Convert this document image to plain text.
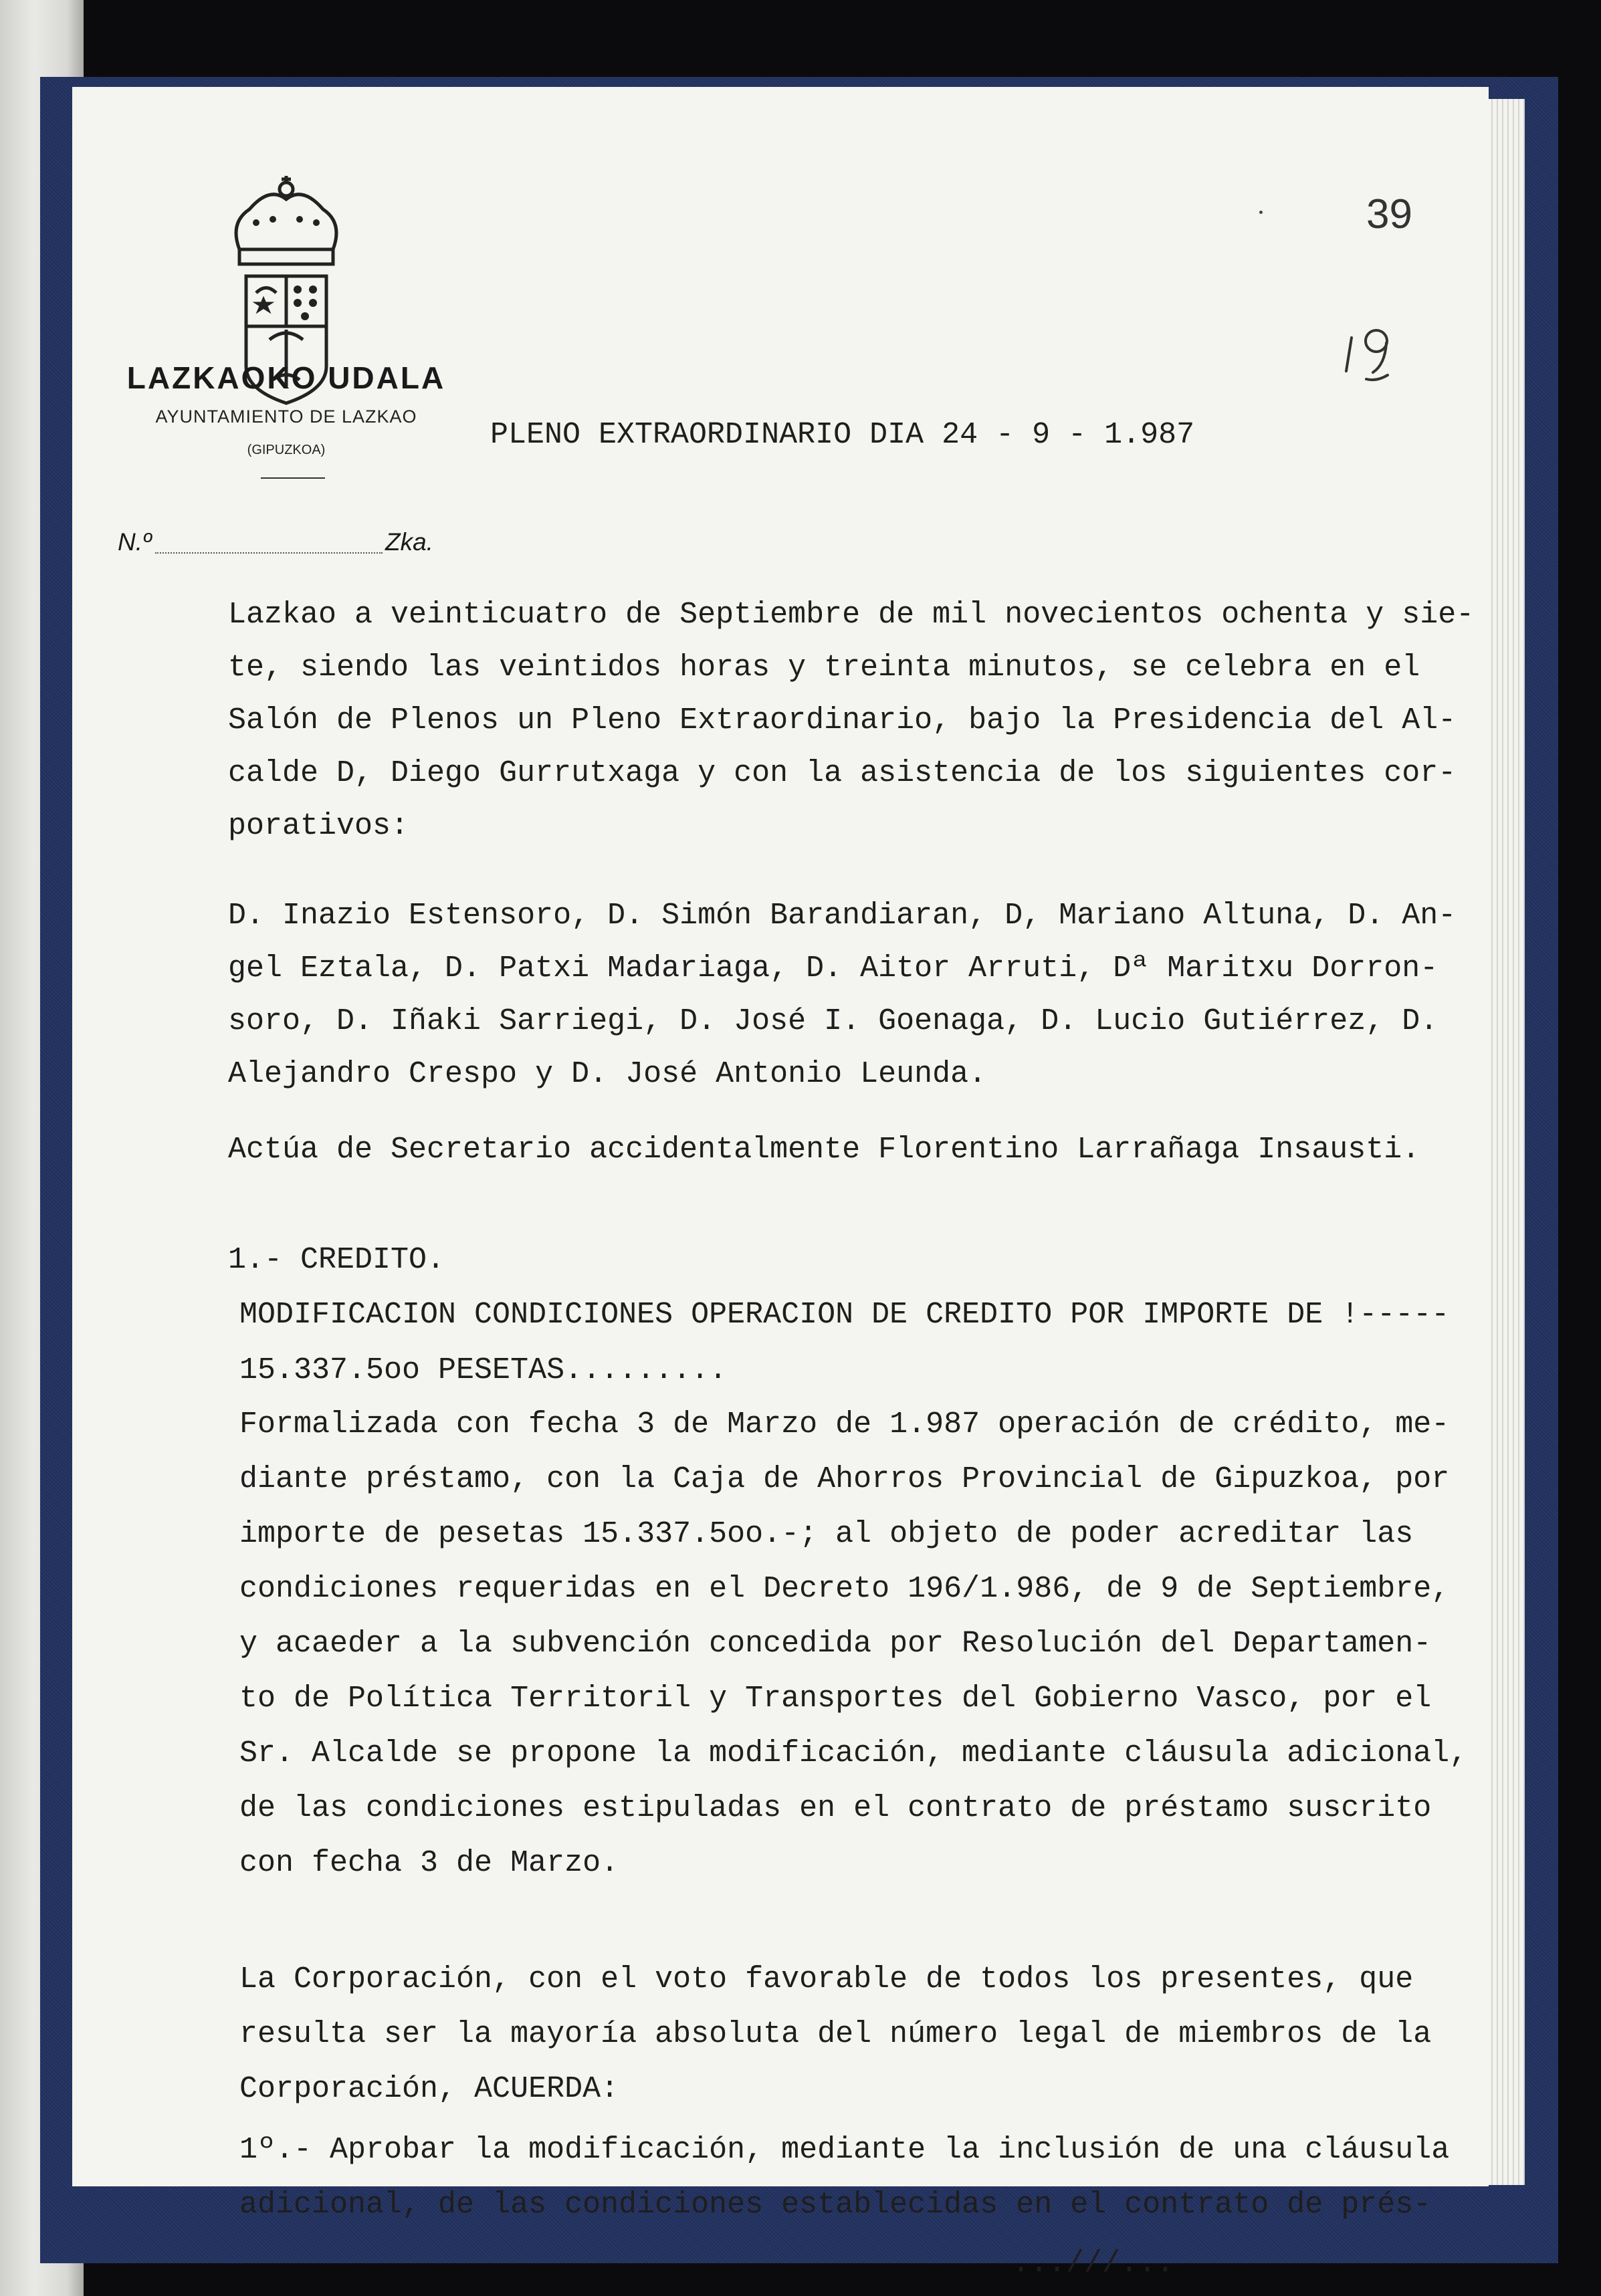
LAZKAOKO UDALA
AYUNTAMIENTO DE LAZKAO
(GIPUZKOA)
N.º	Zka.
39
PLENO EXTRAORDINARIO DIA 24 - 9 - 1.987

Lazkao a veinticuatro de Septiembre de mil novecientos ochenta y sie-
te, siendo las veintidos horas y treinta minutos, se celebra en el
Salón de Plenos un Pleno Extraordinario, bajo la Presidencia del Al-
calde D, Diego Gurrutxaga y con la asistencia de los siguientes cor-
porativos:

D. Inazio Estensoro, D. Simón Barandiaran, D, Mariano Altuna, D. An-
gel Eztala, D. Patxi Madariaga, D. Aitor Arruti, Dª Maritxu Dorron-
soro, D. Iñaki Sarriegi, D. José I. Goenaga, D. Lucio Gutiérrez, D.
Alejandro Crespo y D. José Antonio Leunda.

Actúa de Secretario accidentalmente Florentino Larrañaga Insausti.

1.- CREDITO.

MODIFICACION CONDICIONES OPERACION DE CREDITO POR IMPORTE DE !-----
15.337.5oo PESETAS.........

Formalizada con fecha 3 de Marzo de 1.987 operación de crédito, me-
diante préstamo, con la Caja de Ahorros Provincial de Gipuzkoa, por
importe de pesetas 15.337.5oo.-; al objeto de poder acreditar las
condiciones requeridas en el Decreto 196/1.986, de 9 de Septiembre,
y acaeder a la subvención concedida por Resolución del Departamen-
to de Política Territoril y Transportes del Gobierno Vasco, por el
Sr. Alcalde se propone la modificación, mediante cláusula adicional,
de las condiciones estipuladas en el contrato de préstamo suscrito
con fecha 3 de Marzo.

La Corporación, con el voto favorable de todos los presentes, que
resulta ser la mayoría absoluta del número legal de miembros de la
Corporación, ACUERDA:

1º.- Aprobar la modificación, mediante la inclusión de una cláusula
adicional, de las condiciones establecidas en el contrato de prés-

...///...
